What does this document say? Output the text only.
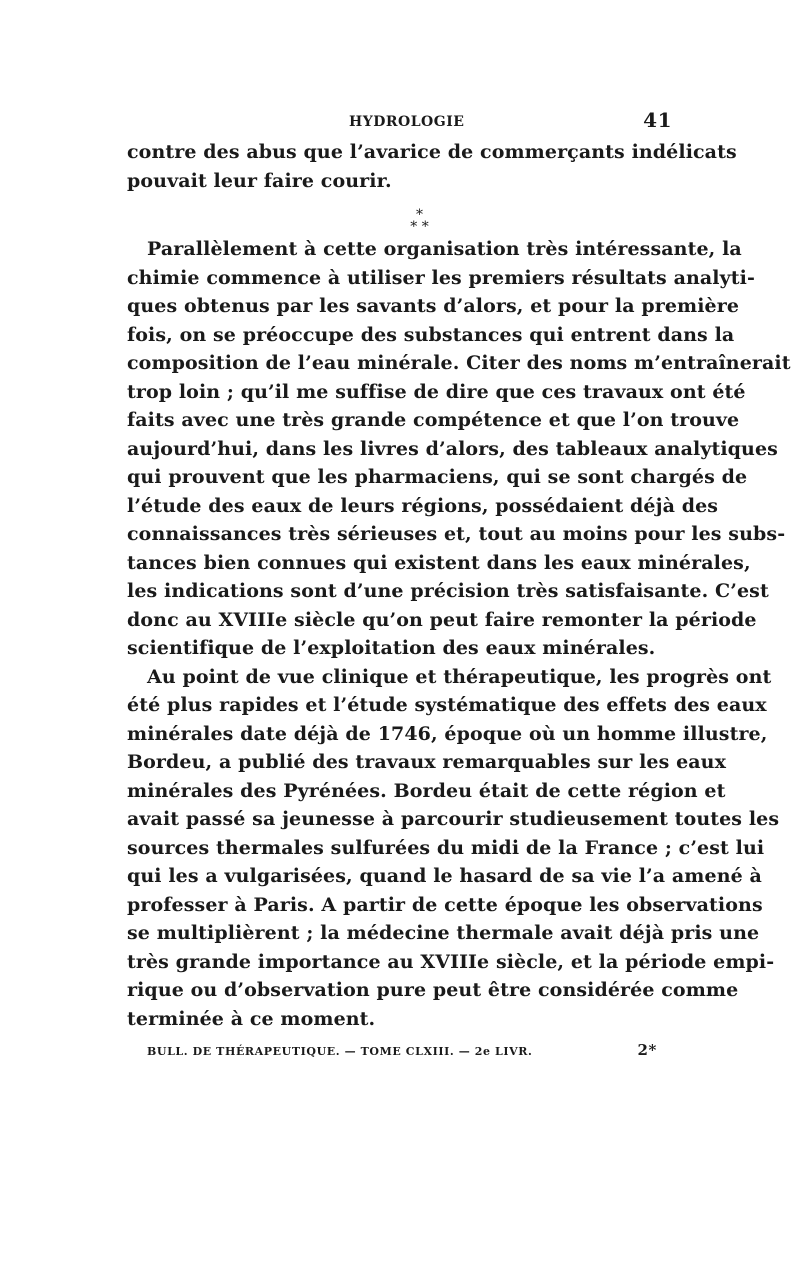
HYDROLOGIE	41

contre des abus que l’avarice de commerçants indélicats
pouvait leur faire courir.

*
* *

Parallèlement à cette organisation très intéressante, la
chimie commence à utiliser les premiers résultats analyti-
ques obtenus par les savants d’alors, et pour la première
fois, on se préoccupe des substances qui entrent dans la
composition de l’eau minérale. Citer des noms m’entraînerait
trop loin ; qu’il me suffise de dire que ces travaux ont été
faits avec une très grande compétence et que l’on trouve
aujourd’hui, dans les livres d’alors, des tableaux analytiques
qui prouvent que les pharmaciens, qui se sont chargés de
l’étude des eaux de leurs régions, possédaient déjà des
connaissances très sérieuses et, tout au moins pour les subs-
tances bien connues qui existent dans les eaux minérales,
les indications sont d’une précision très satisfaisante. C’est
donc au XVIIIe siècle qu’on peut faire remonter la période
scientifique de l’exploitation des eaux minérales.

Au point de vue clinique et thérapeutique, les progrès ont
été plus rapides et l’étude systématique des effets des eaux
minérales date déjà de 1746, époque où un homme illustre,
Bordeu, a publié des travaux remarquables sur les eaux
minérales des Pyrénées. Bordeu était de cette région et
avait passé sa jeunesse à parcourir studieusement toutes les
sources thermales sulfurées du midi de la France ; c’est lui
qui les a vulgarisées, quand le hasard de sa vie l’a amené à
professer à Paris. A partir de cette époque les observations
se multiplièrent ; la médecine thermale avait déjà pris une
très grande importance au XVIIIe siècle, et la période empi-
rique ou d’observation pure peut être considérée comme
terminée à ce moment.

BULL. DE THÉRAPEUTIQUE. — TOME CLXIII. — 2e LIVR.	2*
